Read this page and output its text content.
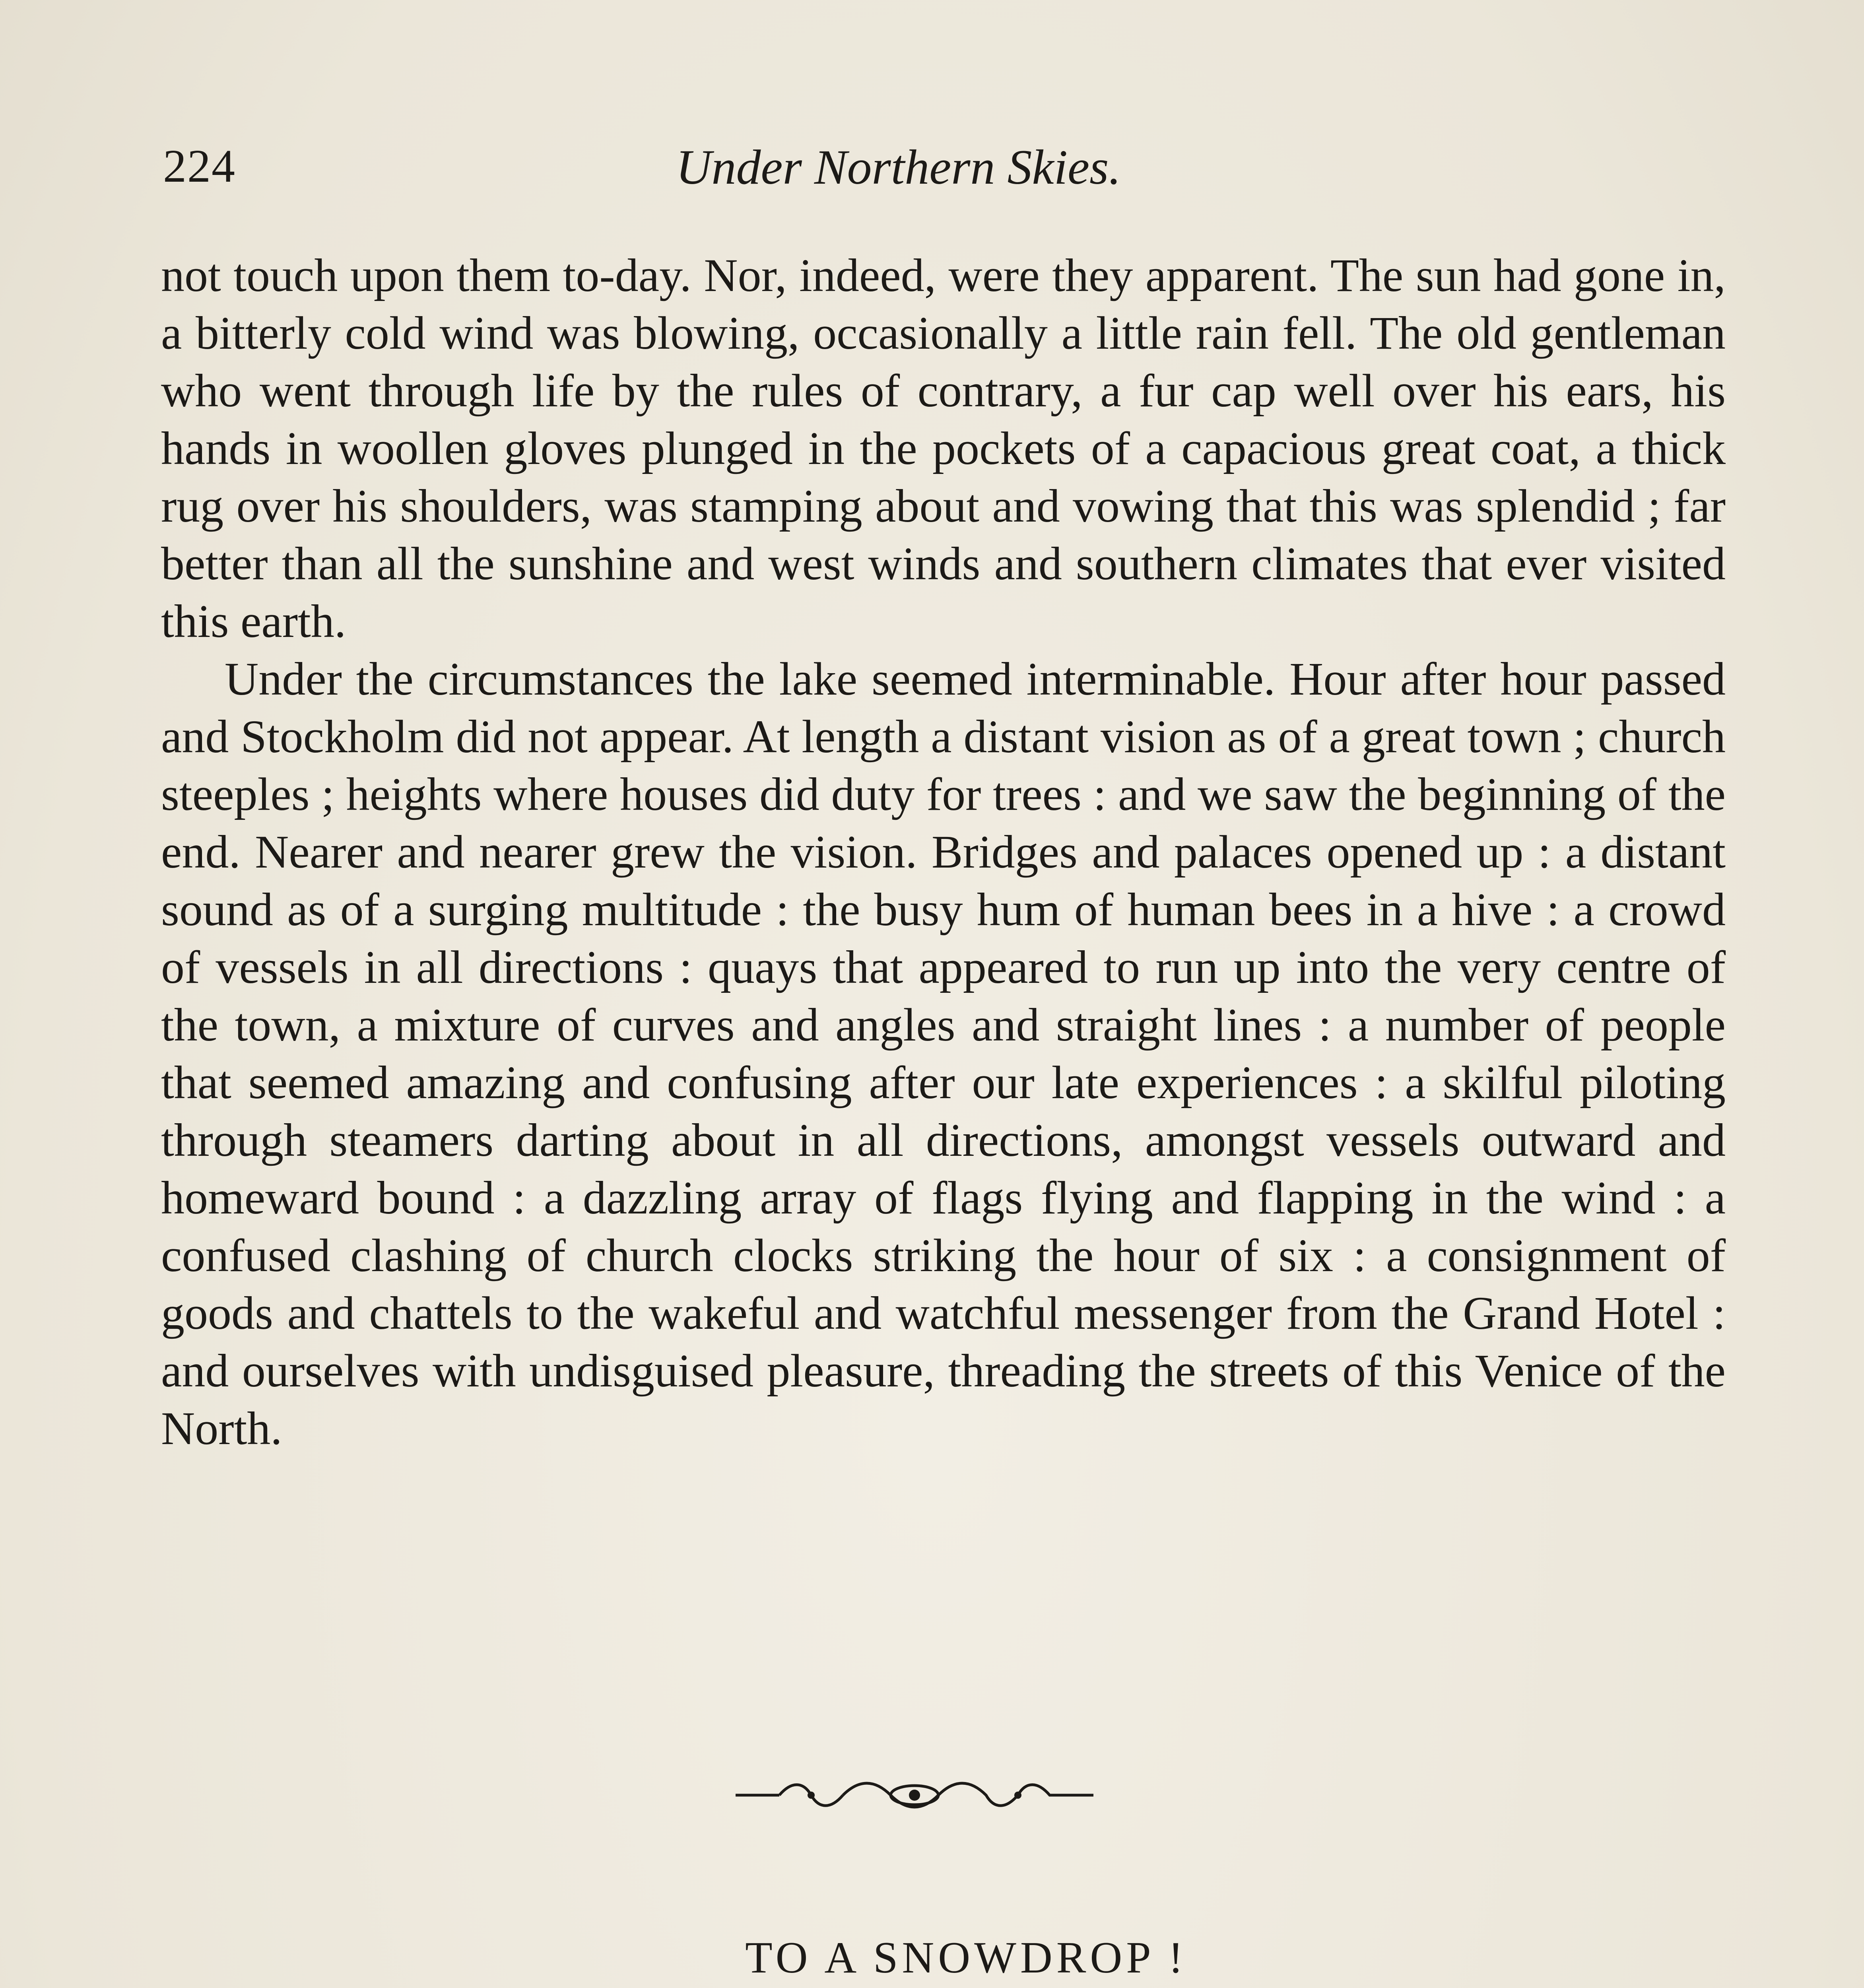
224	Under Northern Skies.

not touch upon them to-day. Nor, indeed, were they apparent. The sun had gone in, a bitterly cold wind was blowing, occasionally a little rain fell. The old gentleman who went through life by the rules of contrary, a fur cap well over his ears, his hands in woollen gloves plunged in the pockets of a capacious great coat, a thick rug over his shoulders, was stamping about and vowing that this was splendid ; far better than all the sunshine and west winds and southern climates that ever visited this earth.

Under the circumstances the lake seemed interminable. Hour after hour passed and Stockholm did not appear. At length a distant vision as of a great town ; church steeples ; heights where houses did duty for trees : and we saw the beginning of the end. Nearer and nearer grew the vision. Bridges and palaces opened up : a distant sound as of a surging multitude : the busy hum of human bees in a hive : a crowd of vessels in all directions : quays that appeared to run up into the very centre of the town, a mixture of curves and angles and straight lines : a number of people that seemed amazing and confusing after our late experiences : a skilful piloting through steamers darting about in all directions, amongst vessels outward and homeward bound : a dazzling array of flags flying and flapping in the wind : a confused clashing of church clocks striking the hour of six : a consignment of goods and chattels to the wakeful and watchful messenger from the Grand Hotel : and ourselves with undisguised pleasure, threading the streets of this Venice of the North.

TO A SNOWDROP !
